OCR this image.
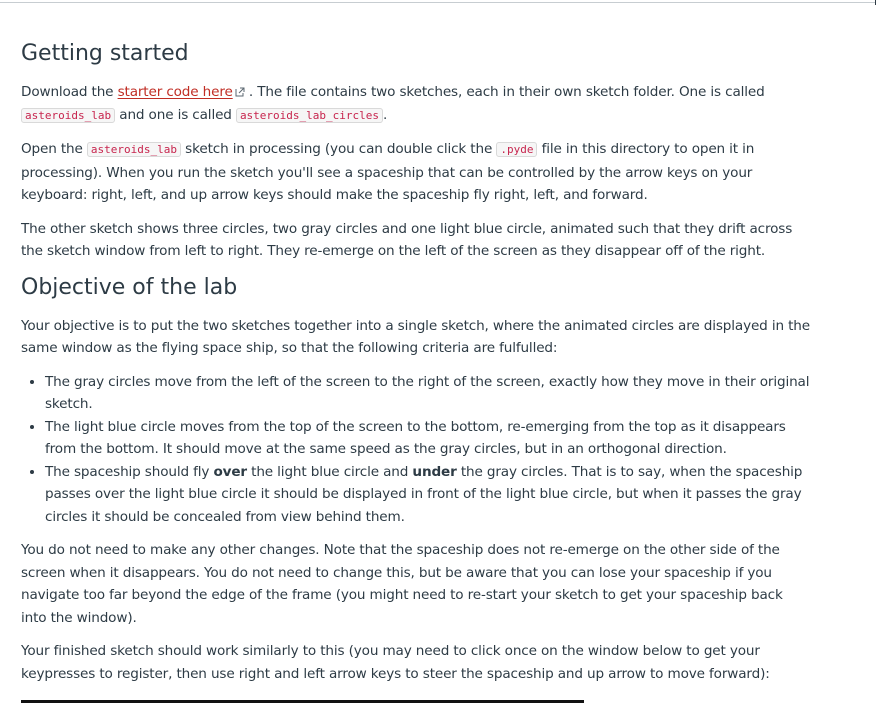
Getting started

Download the starter code here . The file contains two sketches, each in their own sketch folder. One is called asteroids_lab and one is called asteroids_lab_circles .

Open the asteroids_lab sketch in processing (you can double click the .pyde file in this directory to open it in processing). When you run the sketch you'll see a spaceship that can be controlled by the arrow keys on your keyboard: right, left, and up arrow keys should make the spaceship fly right, left, and forward.

The other sketch shows three circles, two gray circles and one light blue circle, animated such that they drift across the sketch window from left to right. They re-emerge on the left of the screen as they disappear off of the right.

Objective of the lab

Your objective is to put the two sketches together into a single sketch, where the animated circles are displayed in the same window as the flying space ship, so that the following criteria are fulfulled:

• The gray circles move from the left of the screen to the right of the screen, exactly how they move in their original sketch.
• The light blue circle moves from the top of the screen to the bottom, re-emerging from the top as it disappears from the bottom. It should move at the same speed as the gray circles, but in an orthogonal direction.
• The spaceship should fly over the light blue circle and under the gray circles. That is to say, when the spaceship passes over the light blue circle it should be displayed in front of the light blue circle, but when it passes the gray circles it should be concealed from view behind them.

You do not need to make any other changes. Note that the spaceship does not re-emerge on the other side of the screen when it disappears. You do not need to change this, but be aware that you can lose your spaceship if you navigate too far beyond the edge of the frame (you might need to re-start your sketch to get your spaceship back into the window).

Your finished sketch should work similarly to this (you may need to click once on the window below to get your keypresses to register, then use right and left arrow keys to steer the spaceship and up arrow to move forward):
